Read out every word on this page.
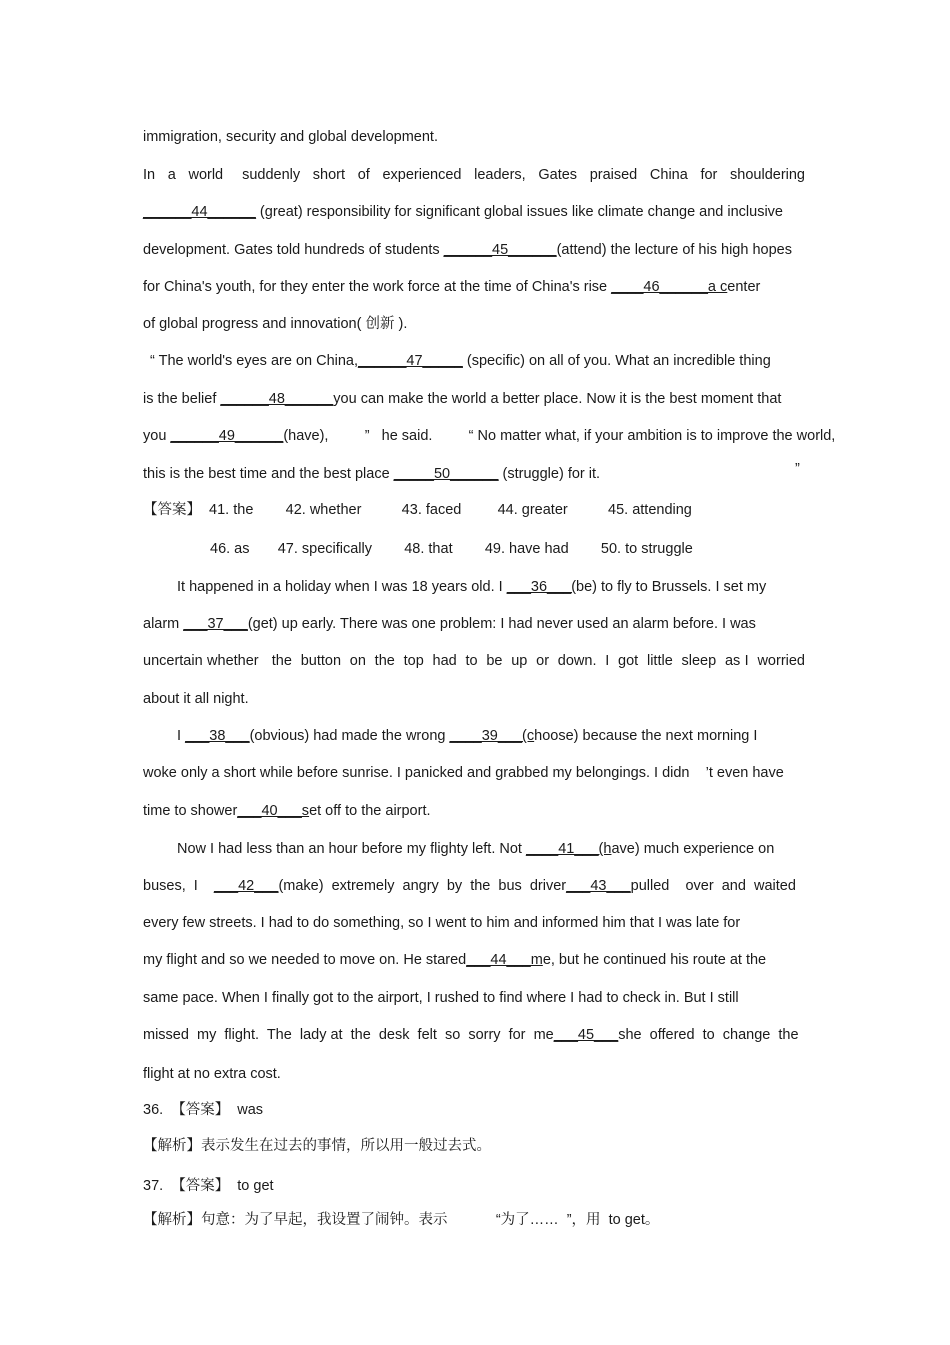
immigration, security and global development.
In  a  world   suddenly  short  of  experienced  leaders,  Gates  praised  China  for  shouldering
______44______ (great) responsibility for significant global issues like climate change and inclusive
development. Gates told hundreds of students ______45______(attend) the lecture of his high hopes
for China's youth, for they enter the work force at the time of China's rise ____46______a center
of global progress and innovation( 创新 ).
“ The world's eyes are on China,______47_____ (specific) on all of you. What an incredible thing
is the belief ______48______you can make the world a better place. Now it is the best moment that
you ______49______(have),         ”   he said.         “ No matter what, if your ambition is to improve the world,
this is the best time and the best place _____50______ (struggle) for it.	”
【答案】  41. the        42. whether          43. faced         44. greater          45. attending
46. as       47. specifically        48. that        49. have had        50. to struggle
It happened in a holiday when I was 18 years old. I ___36___(be) to fly to Brussels. I set my
alarm ___37___(get) up early. There was one problem: I had never used an alarm before. I was
uncertain whether   the  button  on  the  top  had  to  be  up  or  down.  I  got  little  sleep  as I  worried
about it all night.
I ___38___(obvious) had made the wrong ____39___(choose) because the next morning I
woke only a short while before sunrise. I panicked and grabbed my belongings. I didn    ’t even have
time to shower___40___set off to the airport.
Now I had less than an hour before my flighty left. Not ____41___(have) much experience on
buses,  I    ___42___(make)  extremely  angry  by  the  bus  driver___43___pulled    over  and  waited
every few streets. I had to do something, so I went to him and informed him that I was late for
my flight and so we needed to move on. He stared___44___me, but he continued his route at the
same pace. When I finally got to the airport, I rushed to find where I had to check in. But I still
missed  my  flight.  The  lady at  the  desk  felt  so  sorry  for  me___45___she  offered  to  change  the
flight at no extra cost.
36.  【答案】  was
【解析】表示发生在过去的事情，所以用一般过去式。
37.  【答案】  to get
【解析】句意：为了早起，我设置了闹钟。表示            “为了……  ”，用  to get。
